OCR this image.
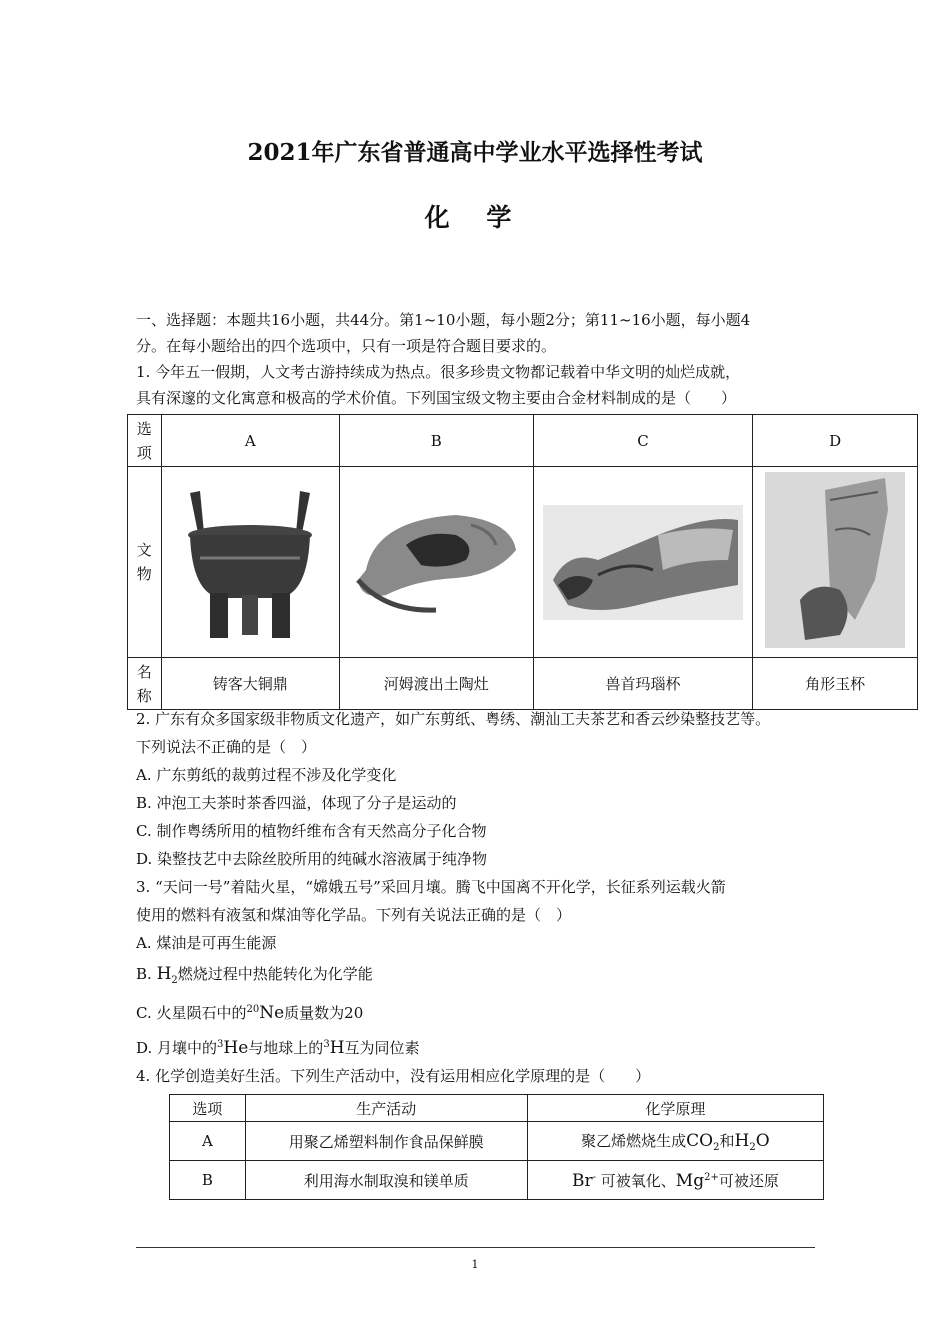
2021年广东省普通高中学业水平选择性考试
化 学
一、选择题：本题共16小题，共44分。第1~10小题，每小题2分；第11~16小题，每小题4
分。在每小题给出的四个选项中，只有一项是符合题目要求的。
1. 今年五一假期，人文考古游持续成为热点。很多珍贵文物都记载着中华文明的灿烂成就，
具有深邃的文化寓意和极高的学术价值。下列国宝级文物主要由合金材料制成的是（　　）
选
项	A	B	C	D

文
物

名
称	铸客大铜鼎	河姆渡出土陶灶	兽首玛瑙杯	角形玉杯
2. 广东有众多国家级非物质文化遗产，如广东剪纸、粤绣、潮汕工夫茶艺和香云纱染整技艺等。
下列说法不正确的是（　）
A. 广东剪纸的裁剪过程不涉及化学变化
B. 冲泡工夫茶时茶香四溢，体现了分子是运动的
C. 制作粤绣所用的植物纤维布含有天然高分子化合物
D. 染整技艺中去除丝胶所用的纯碱水溶液属于纯净物
3. “天问一号”着陆火星，“嫦娥五号”采回月壤。腾飞中国离不开化学，长征系列运载火箭
使用的燃料有液氢和煤油等化学品。下列有关说法正确的是（　）
A. 煤油是可再生能源
B. $H_2$燃烧过程中热能转化为化学能
C. 火星陨石中的$^{20}$Ne质量数为20
D. 月壤中的$^3$He与地球上的$^3$H互为同位素
4. 化学创造美好生活。下列生产活动中，没有运用相应化学原理的是（　　）
选项	生产活动	化学原理
A	用聚乙烯塑料制作食品保鲜膜	聚乙烯燃烧生成$CO_2$和$H_2O$
B	利用海水制取溴和镁单质	Br- 可被氧化、$Mg^{2+}$可被还原
1
